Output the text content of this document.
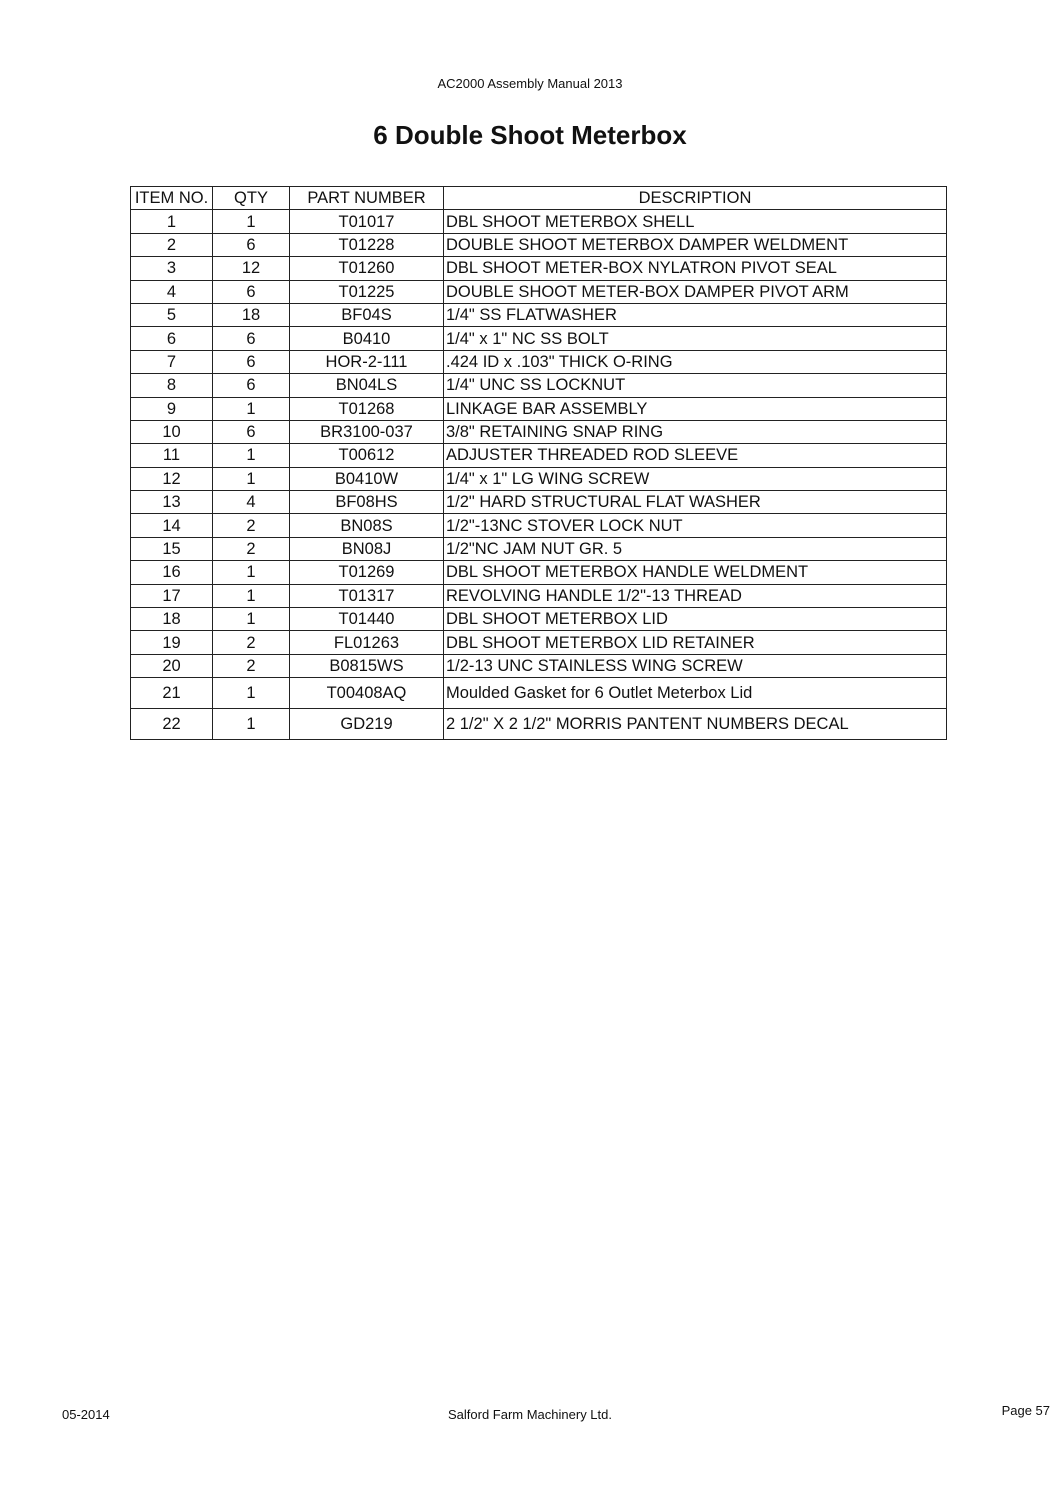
AC2000 Assembly Manual 2013
6 Double Shoot Meterbox
ITEM NO.	QTY	PART NUMBER	DESCRIPTION
1	1	T01017	DBL SHOOT METERBOX SHELL
2	6	T01228	DOUBLE SHOOT METERBOX DAMPER WELDMENT
3	12	T01260	DBL SHOOT METER-BOX NYLATRON PIVOT SEAL
4	6	T01225	DOUBLE SHOOT METER-BOX DAMPER PIVOT ARM
5	18	BF04S	1/4" SS FLATWASHER
6	6	B0410	1/4" x 1" NC SS BOLT
7	6	HOR-2-111	.424 ID x .103" THICK O-RING
8	6	BN04LS	1/4" UNC SS LOCKNUT
9	1	T01268	LINKAGE BAR ASSEMBLY
10	6	BR3100-037	3/8" RETAINING SNAP RING
11	1	T00612	ADJUSTER THREADED ROD SLEEVE
12	1	B0410W	1/4" x 1" LG WING SCREW
13	4	BF08HS	1/2" HARD STRUCTURAL FLAT WASHER
14	2	BN08S	1/2"-13NC STOVER LOCK NUT
15	2	BN08J	1/2"NC JAM NUT GR. 5
16	1	T01269	DBL SHOOT METERBOX HANDLE WELDMENT
17	1	T01317	REVOLVING HANDLE 1/2"-13 THREAD
18	1	T01440	DBL SHOOT METERBOX LID
19	2	FL01263	DBL SHOOT METERBOX LID RETAINER
20	2	B0815WS	1/2-13 UNC STAINLESS WING SCREW
21	1	T00408AQ	Moulded Gasket for 6 Outlet Meterbox Lid
22	1	GD219	2 1/2" X 2 1/2" MORRIS PANTENT NUMBERS DECAL
05-2014	Salford Farm Machinery Ltd.	Page 57
